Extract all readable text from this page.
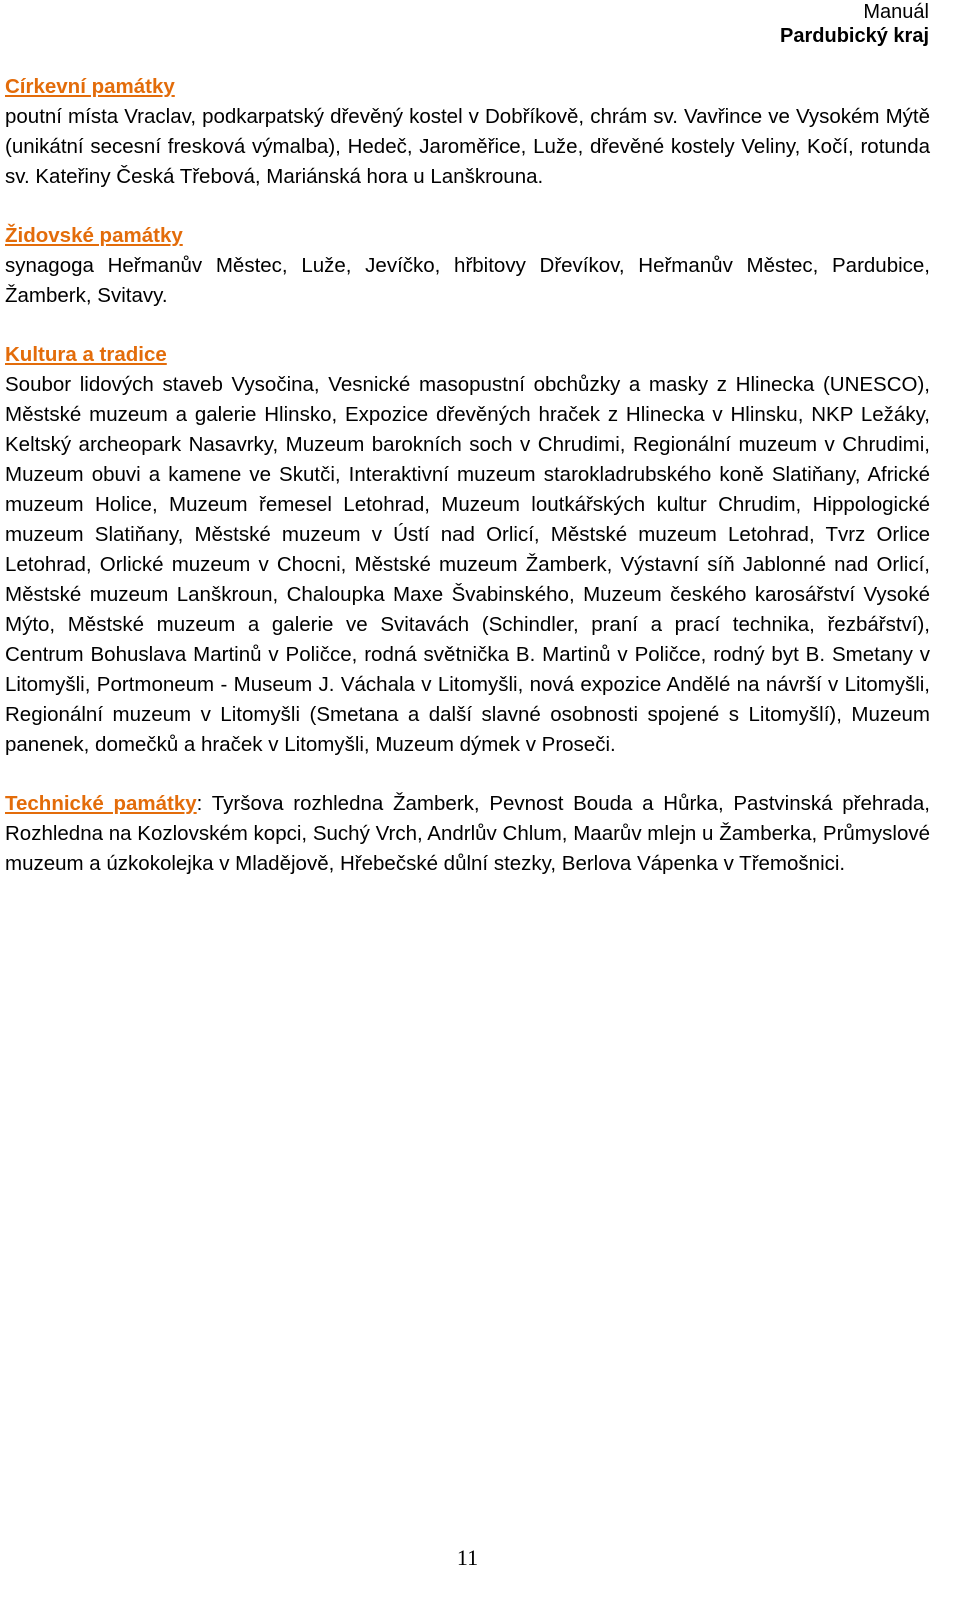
Manuál
Pardubický kraj
Církevní památky
poutní místa Vraclav, podkarpatský dřevěný kostel v Dobříkově, chrám sv. Vavřince ve Vysokém Mýtě (unikátní secesní fresková výmalba), Hedeč, Jaroměřice, Luže, dřevěné kostely Veliny, Kočí, rotunda sv. Kateřiny Česká Třebová, Mariánská hora u Lanškrouna.
Židovské památky
synagoga Heřmanův Městec, Luže, Jevíčko, hřbitovy Dřevíkov, Heřmanův Městec, Pardubice, Žamberk, Svitavy.
Kultura a tradice
Soubor lidových staveb Vysočina, Vesnické masopustní obchůzky a masky z Hlinecka (UNESCO), Městské muzeum a galerie Hlinsko, Expozice dřevěných hraček z Hlinecka v Hlinsku, NKP Ležáky, Keltský archeopark Nasavrky, Muzeum barokních soch v Chrudimi, Regionální muzeum v Chrudimi, Muzeum obuvi a kamene ve Skutči, Interaktivní muzeum starokladrubského koně Slatiňany, Africké muzeum Holice, Muzeum řemesel Letohrad, Muzeum loutkářských kultur Chrudim, Hippologické muzeum Slatiňany, Městské muzeum v Ústí nad Orlicí, Městské muzeum Letohrad, Tvrz Orlice Letohrad, Orlické muzeum v Chocni, Městské muzeum Žamberk, Výstavní síň Jablonné nad Orlicí, Městské muzeum Lanškroun, Chaloupka Maxe Švabinského, Muzeum českého karosářství Vysoké Mýto, Městské muzeum a galerie ve Svitavách (Schindler, praní a prací technika, řezbářství), Centrum Bohuslava Martinů v Poličce, rodná světnička B. Martinů v Poličce, rodný byt B. Smetany v Litomyšli, Portmoneum - Museum J. Váchala v Litomyšli, nová expozice Andělé na návrší v Litomyšli, Regionální muzeum v Litomyšli (Smetana a další slavné osobnosti spojené s Litomyšlí), Muzeum panenek, domečků a hraček v Litomyšli, Muzeum dýmek v Proseči.
Technické památky: Tyršova rozhledna Žamberk, Pevnost Bouda a Hůrka, Pastvinská přehrada, Rozhledna na Kozlovském kopci, Suchý Vrch, Andrlův Chlum, Maarův mlejn u Žamberka, Průmyslové muzeum a úzkokolejka v Mladějově, Hřebečské důlní stezky, Berlova Vápenka v Třemošnici.
11
